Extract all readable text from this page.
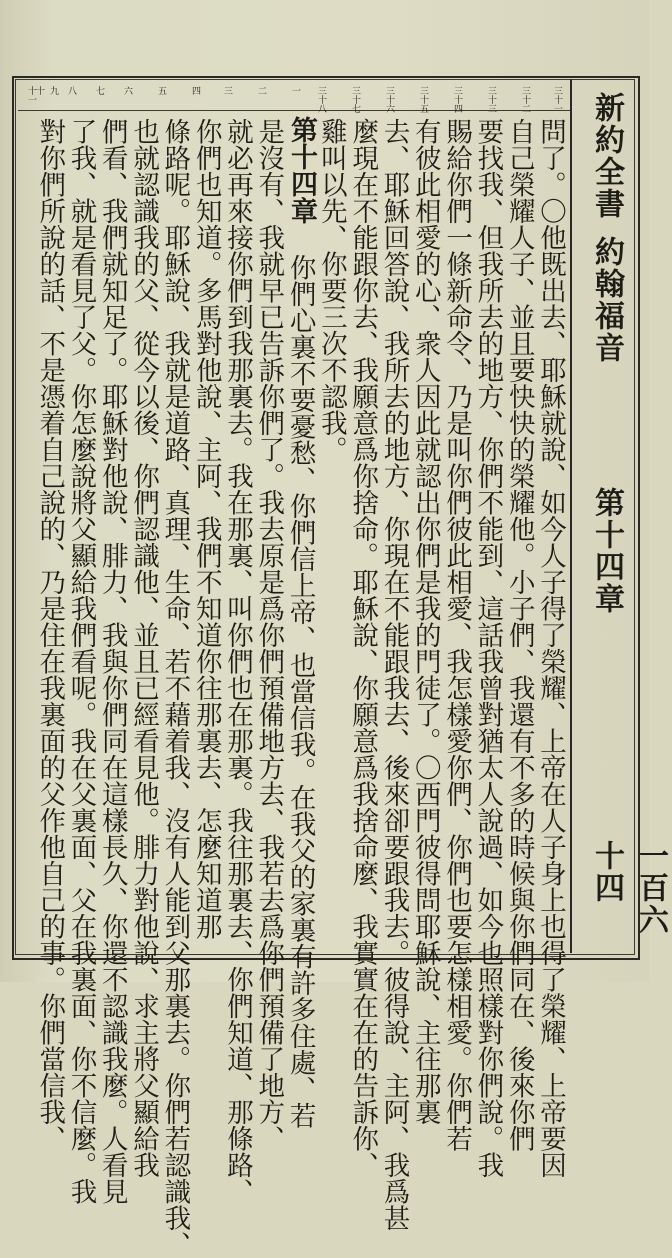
新約全書約翰福音
第十四章
一百六十四
三十一
三十二
三十三
三十四
三十五
三十六
三十七
三十八
一
二
三
四
五
六
七
八
九
十
十一
問了。〇他既出去、耶穌就說、如今人子得了榮耀、上帝在人子身上也得了榮耀、上帝要因
自己榮耀人子、並且要快快的榮耀他。小子們、我還有不多的時候與你們同在、後來你們
要找我、但我所去的地方、你們不能到、這話我曾對猶太人說過、如今也照樣對你們說。我
賜給你們一條新命令、乃是叫你們彼此相愛、我怎樣愛你們、你們也要怎樣相愛。你們若
有彼此相愛的心、衆人因此就認出你們是我的門徒了。〇西門彼得問耶穌說、主往那裏
去、耶穌回答說、我所去的地方、你現在不能跟我去、後來卻要跟我去。彼得說、主阿、我爲甚
麼現在不能跟你去、我願意爲你捨命。耶穌說、你願意爲我捨命麼、我實實在在的告訴你、
雞叫以先、你要三次不認我。
你們心裏不要憂愁、你們信上帝、也當信我。在我父的家裏有許多住處、若
是沒有、我就早已告訴你們了。我去原是爲你們預備地方去、我若去爲你們預備了地方、
就必再來接你們到我那裏去。我在那裏、叫你們也在那裏。我往那裏去、你們知道、那條路、
你們也知道。多馬對他說、主阿、我們不知道你往那裏去、怎麼知道那
條路呢。耶穌說、我就是道路、真理、生命、若不藉着我、沒有人能到父那裏去。你們若認識我、
也就認識我的父、從今以後、你們認識他、並且已經看見他。腓力對他說、求主將父顯給我
們看、我們就知足了。耶穌對他說、腓力、我與你們同在這樣長久、你還不認識我麼。人看見
了我、就是看見了父。你怎麼說將父顯給我們看呢。我在父裏面、父在我裏面、你不信麼。我
對你們所說的話、不是憑着自己說的、乃是住在我裏面的父作他自己的事。你們當信我、	第十四章
